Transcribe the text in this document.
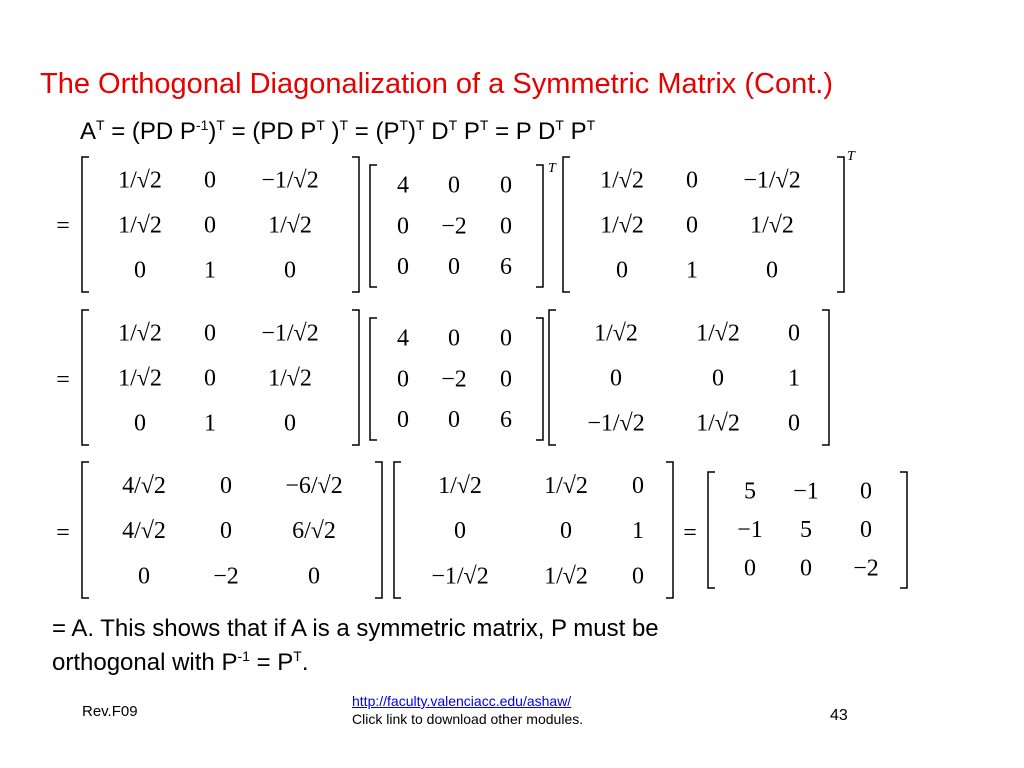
The Orthogonal Diagonalization of a Symmetric Matrix (Cont.)
$A^T = (PD$ $P^{-1})^T = (PD$ $P^T$ )$^T = (P^T)^T$ $D^T$ $P^T = P$ $D^T$ $P^T$
=
1/√2 0 −1/√2
1/√2 0 1/√2
0 1	0
4 0 0
0 −2 0
0 0 6
T 1/√2 0 −1/√2
1/√2 0 1/√2
0 1	0
T
=
1/√2 0 −1/√2
1/√2 0 1/√2
0 1	0
4 0 0
0 −2 0
0 0 6
1/√2 1/√2 0
0	0	1
−1/√2 1/√2 0
=
4/√2 0 −6/√2
4/√2 0	6/√2
0	−2	0
1/√2	1/√2 0
0	0	1
−1/√2 1/√2 0
=
5 −1 0
−1 5 0
0 0 −2
= A. This shows that if A is a symmetric matrix, P must be
orthogonal with $P^{-1} = P^T$.
Rev.F09
http://faculty.valenciacc.edu/ashaw/
Click link to download other modules.	43
